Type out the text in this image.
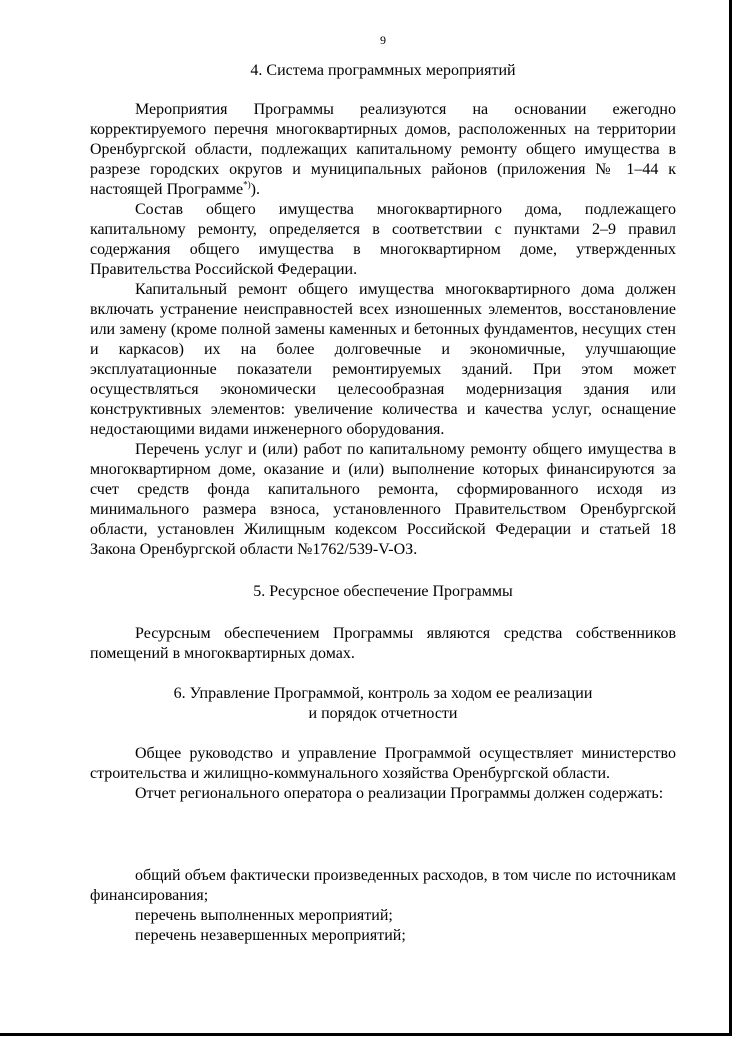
9

4. Система программных мероприятий

Мероприятия Программы реализуются на основании ежегодно корректируемого перечня многоквартирных домов, расположенных на территории Оренбургской области, подлежащих капитальному ремонту общего имущества в разрезе городских округов и муниципальных районов (приложения № 1–44 к настоящей Программе*)).

Состав общего имущества многоквартирного дома, подлежащего капитальному ремонту, определяется в соответствии с пунктами 2–9 правил содержания общего имущества в многоквартирном доме, утвержденных Правительства Российской Федерации.

Капитальный ремонт общего имущества многоквартирного дома должен включать устранение неисправностей всех изношенных элементов, восстановление или замену (кроме полной замены каменных и бетонных фундаментов, несущих стен и каркасов) их на более долговечные и экономичные, улучшающие эксплуатационные показатели ремонтируемых зданий. При этом может осуществляться экономически целесообразная модернизация здания или конструктивных элементов: увеличение количества и качества услуг, оснащение недостающими видами инженерного оборудования.

Перечень услуг и (или) работ по капитальному ремонту общего имущества в многоквартирном доме, оказание и (или) выполнение которых финансируются за счет средств фонда капитального ремонта, сформированного исходя из минимального размера взноса, установленного Правительством Оренбургской области, установлен Жилищным кодексом Российской Федерации и статьей 18 Закона Оренбургской области №1762/539-V-ОЗ.

5. Ресурсное обеспечение Программы

Ресурсным обеспечением Программы являются средства собственников помещений в многоквартирных домах.

6. Управление Программой, контроль за ходом ее реализации

и порядок отчетности

Общее руководство и управление Программой осуществляет министерство строительства и жилищно-коммунального хозяйства Оренбургской области.

Отчет регионального оператора о реализации Программы должен содержать:

общий объем фактически произведенных расходов, в том числе по источникам финансирования;

перечень выполненных мероприятий;

перечень незавершенных мероприятий;
